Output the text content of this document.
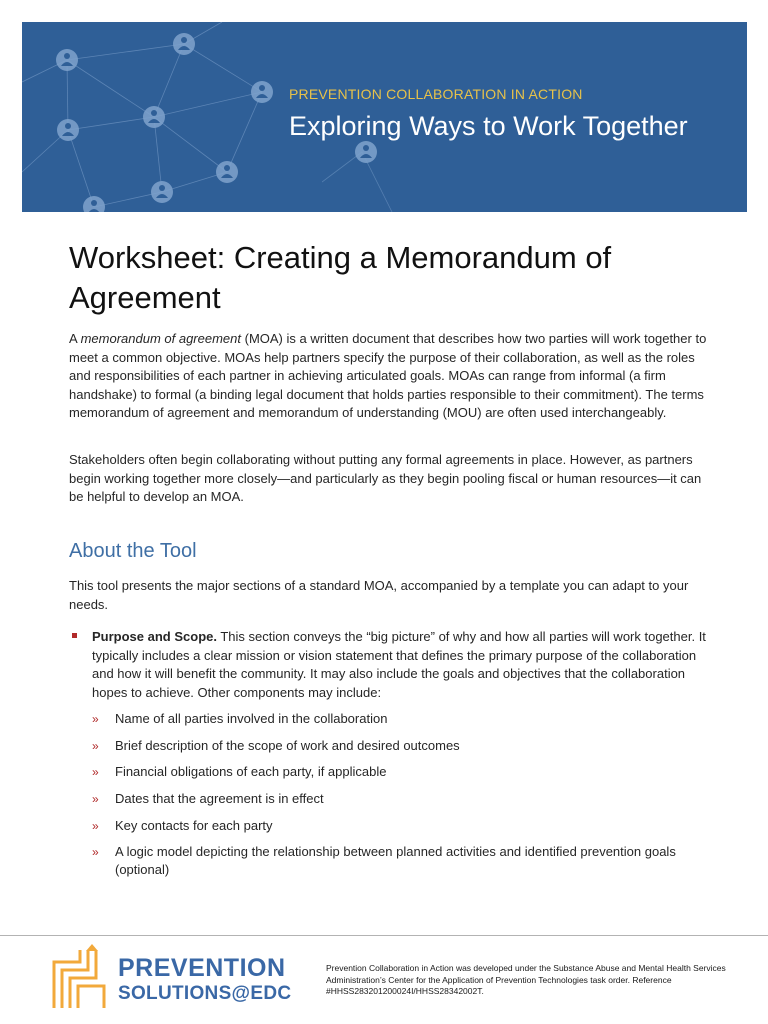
PREVENTION COLLABORATION IN ACTION
Exploring Ways to Work Together
Worksheet: Creating a Memorandum of Agreement

A memorandum of agreement (MOA) is a written document that describes how two parties will work together to meet a common objective. MOAs help partners specify the purpose of their collaboration, as well as the roles and responsibilities of each partner in achieving articulated goals. MOAs can range from informal (a firm handshake) to formal (a binding legal document that holds parties responsible to their commitment). The terms memorandum of agreement and memorandum of understanding (MOU) are often used interchangeably.

Stakeholders often begin collaborating without putting any formal agreements in place. However, as partners begin working together more closely—and particularly as they begin pooling fiscal or human resources—it can be helpful to develop an MOA.

About the Tool

This tool presents the major sections of a standard MOA, accompanied by a template you can adapt to your needs.

Purpose and Scope. This section conveys the “big picture” of why and how all parties will work together. It typically includes a clear mission or vision statement that defines the primary purpose of the collaboration and how it will benefit the community. It may also include the goals and objectives that the collaboration hopes to achieve. Other components may include:

» Name of all parties involved in the collaboration
» Brief description of the scope of work and desired outcomes
» Financial obligations of each party, if applicable
» Dates that the agreement is in effect
» Key contacts for each party
» A logic model depicting the relationship between planned activities and identified prevention goals (optional)
PREVENTION
SOLUTIONS@EDC

Prevention Collaboration in Action was developed under the Substance Abuse and Mental Health Services Administration’s Center for the Application of Prevention Technologies task order. Reference #HHSS283201200024I/HHSS28342002T.
